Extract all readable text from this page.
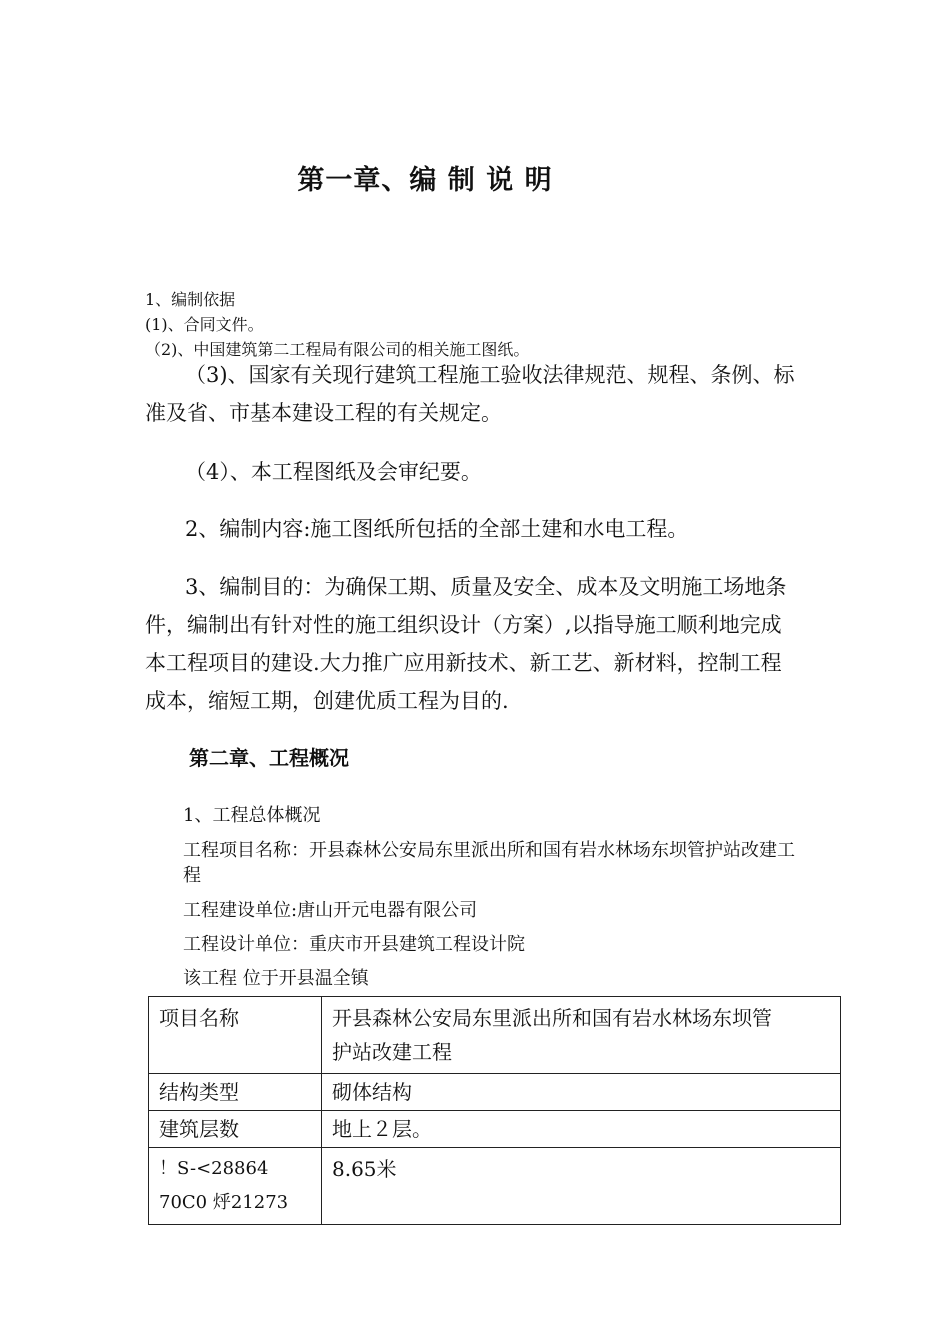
第一章、编 制 说 明
1、编制依据
(1)、合同文件。
（2)、中国建筑第二工程局有限公司的相关施工图纸。
（3)、国家有关现行建筑工程施工验收法律规范、规程、条例、标
准及省、市基本建设工程的有关规定。
（4）、本工程图纸及会审纪要。
2、编制内容:施工图纸所包括的全部土建和水电工程。
3、编制目的：为确保工期、质量及安全、成本及文明施工场地条
件，编制出有针对性的施工组织设计（方案）,以指导施工顺利地完成
本工程项目的建设.大力推广应用新技术、新工艺、新材料，控制工程
成本，缩短工期，创建优质工程为目的.
第二章、工程概况
1、工程总体概况
工程项目名称：开县森林公安局东里派出所和国有岩水林场东坝管护站改建工
程
工程建设单位:唐山开元电器有限公司
工程设计单位：重庆市开县建筑工程设计院
该工程 位于开县温全镇
项目名称	开县森林公安局东里派出所和国有岩水林场东坝管
护站改建工程

结构类型	砌体结构
建筑层数	地上２层。

！S-<28864
70C0 烀21273	8.65米
